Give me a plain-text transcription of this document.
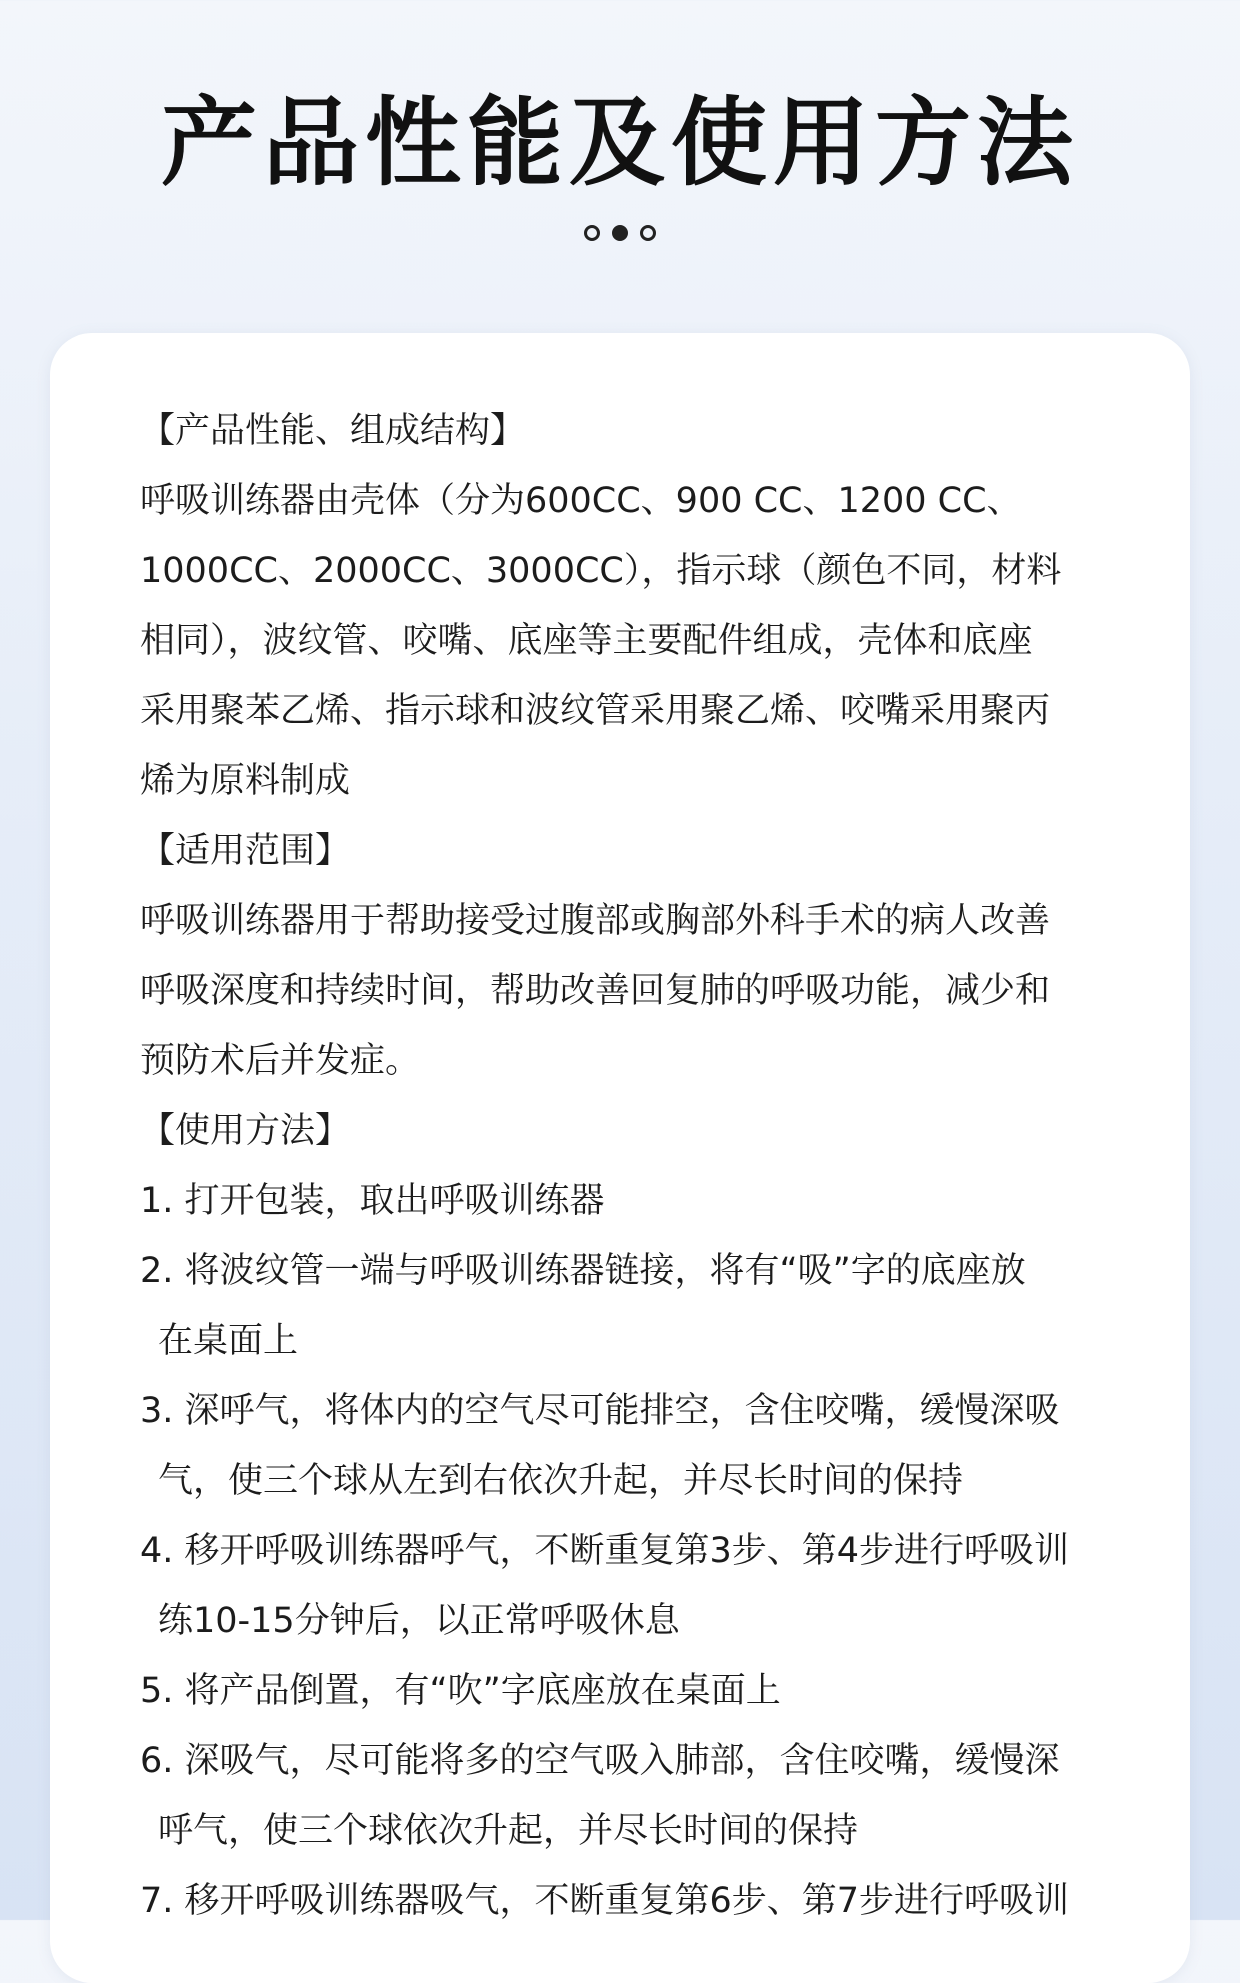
产品性能及使用方法
【产品性能、组成结构】
呼吸训练器由壳体（分为600CC、900 CC、1200 CC、
1000CC、2000CC、3000CC），指示球（颜色不同，材料
相同），波纹管、咬嘴、底座等主要配件组成，壳体和底座
采用聚苯乙烯、指示球和波纹管采用聚乙烯、咬嘴采用聚丙
烯为原料制成
【适用范围】
呼吸训练器用于帮助接受过腹部或胸部外科手术的病人改善
呼吸深度和持续时间，帮助改善回复肺的呼吸功能，减少和
预防术后并发症。
【使用方法】
1. 打开包装，取出呼吸训练器
2. 将波纹管一端与呼吸训练器链接，将有“吸”字的底座放
在桌面上
3. 深呼气，将体内的空气尽可能排空，含住咬嘴，缓慢深吸
气，使三个球从左到右依次升起，并尽长时间的保持
4. 移开呼吸训练器呼气，不断重复第3步、第4步进行呼吸训
练10-15分钟后，以正常呼吸休息
5. 将产品倒置，有“吹”字底座放在桌面上
6. 深吸气，尽可能将多的空气吸入肺部，含住咬嘴，缓慢深
呼气，使三个球依次升起，并尽长时间的保持
7. 移开呼吸训练器吸气，不断重复第6步、第7步进行呼吸训
